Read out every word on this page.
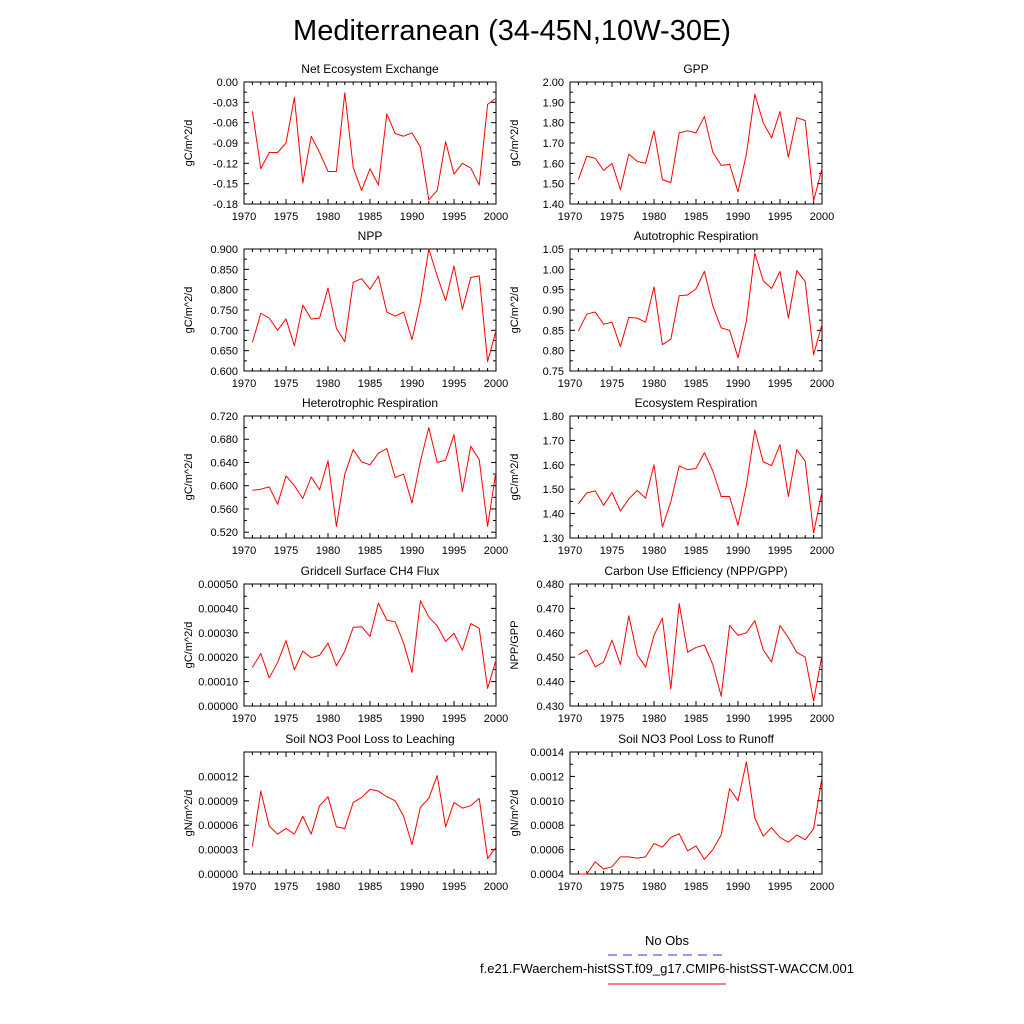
Mediterranean (34-45N,10W-30E)
Net Ecosystem Exchange
gC/m^2/d
1970 1975 1980 1985 1990 1995 2000
0.00
-0.03
-0.06
-0.09
-0.12
-0.15
-0.18
GPP
gC/m^2/d
1970 1975 1980 1985 1990 1995 2000
2.00
1.90
1.80
1.70
1.60
1.50
1.40
NPP
gC/m^2/d
1970 1975 1980 1985 1990 1995 2000
0.900
0.850
0.800
0.750
0.700
0.650
0.600
Autotrophic Respiration
gC/m^2/d
1970 1975 1980 1985 1990 1995 2000
1.05
1.00
0.95
0.90
0.85
0.80
0.75
Heterotrophic Respiration
gC/m^2/d
1970 1975 1980 1985 1990 1995 2000
0.720
0.680
0.640
0.600
0.560
0.520
Ecosystem Respiration
gC/m^2/d
1970 1975 1980 1985 1990 1995 2000
1.80
1.70
1.60
1.50
1.40
1.30
Gridcell Surface CH4 Flux
gC/m^2/d
1970 1975 1980 1985 1990 1995 2000
0.00050
0.00040
0.00030
0.00020
0.00010
0.00000
Carbon Use Efficiency (NPP/GPP)
NPP/GPP
1970 1975 1980 1985 1990 1995 2000
0.480
0.470
0.460
0.450
0.440
0.430
Soil NO3 Pool Loss to Leaching
gN/m^2/d
1970 1975 1980 1985 1990 1995 2000
0.00012
0.00009
0.00006
0.00003
0.00000
Soil NO3 Pool Loss to Runoff
gN/m^2/d
1970 1975 1980 1985 1990 1995 2000
0.0014
0.0012
0.0010
0.0008
0.0006
0.0004
No Obs
f.e21.FWaerchem-histSST.f09_g17.CMIP6-histSST-WACCM.001
